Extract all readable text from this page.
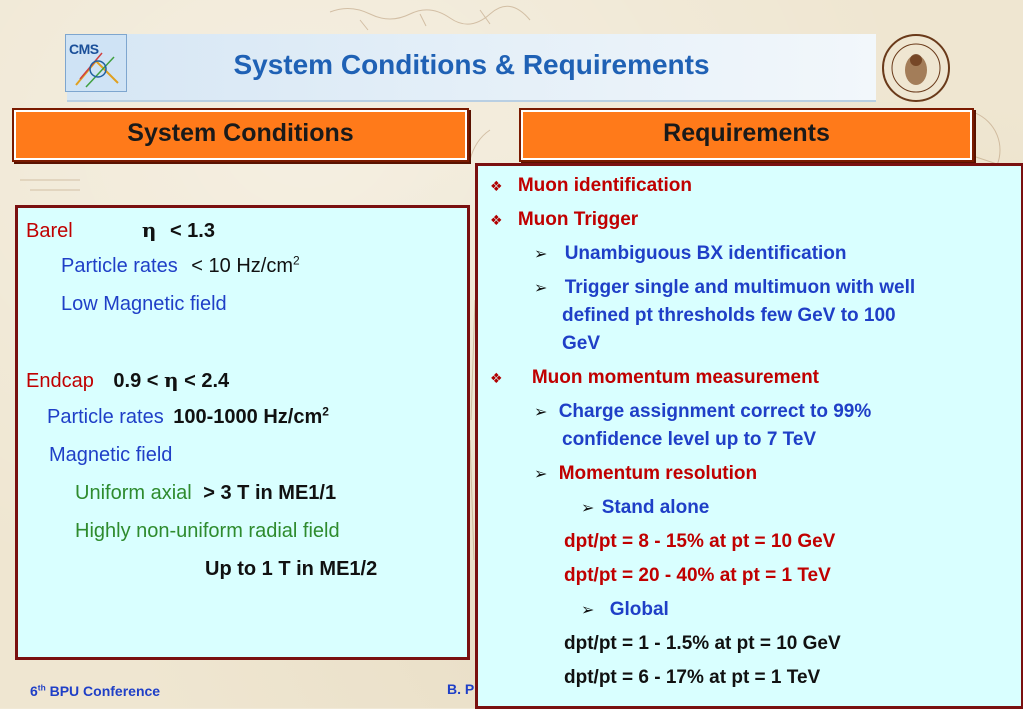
System Conditions & Requirements
CMS
System Conditions	Requirements
Barel	η < 1.3
Particle rates < 10 $Hz/cm^2$
Low Magnetic field
Endcap 0.9 < η < 2.4
Particle rates 100-1000 $Hz/cm^2$
Magnetic field
Uniform axial > 3 T in ME1/1
Highly non-uniform radial field
Up to 1 T in ME1/2
❖ Muon identification
❖ Muon Trigger
➢ Unambiguous BX identification
➢ Trigger single and multimuon with well
defined pt thresholds few GeV to 100
GeV
❖ Muon momentum measurement
➢ Charge assignment correct to 99%
confidence level up to 7 TeV
➢ Momentum resolution
➢ Stand alone
dpt/pt = 8 - 15% at pt = 10 GeV
dpt/pt = 20 - 40% at pt = 1 TeV
➢ Global
dpt/pt = 1 - 1.5% at pt = 10 GeV
dpt/pt = 6 - 17% at pt = 1 TeV
6th BPU Conference	B. P
